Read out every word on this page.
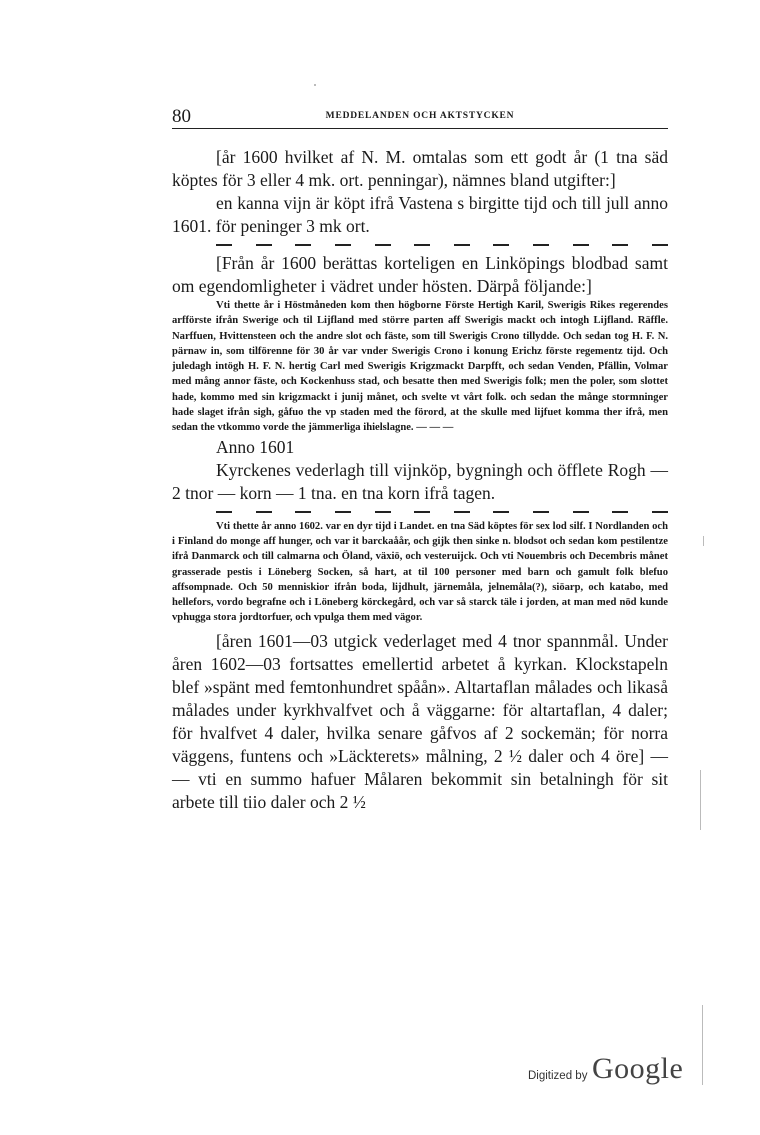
80	MEDDELANDEN OCH AKTSTYCKEN

[år 1600 hvilket af N. M. omtalas som ett godt år (1 tna säd köptes för 3 eller 4 mk. ort. penningar), nämnes bland utgifter:]

en kanna vijn är köpt ifrå Vastena s birgitte tijd och till jull anno 1601. för peninger 3 mk ort.

[Från år 1600 berättas korteligen en Linköpings blodbad samt om egendomligheter i vädret under hösten. Därpå följande:]

Vti thette år i Höstmåneden kom then högborne Förste Hertigh Karil, Swerigis Rikes regerendes arfförste ifrån Swerige och til Lijfland med större parten aff Swerigis mackt och intogh Lijfland. Räffle. Narffuen, Hvittensteen och the andre slot och fäste, som till Swerigis Crono tillydde. Och sedan tog H. F. N. pärnaw in, som tilförenne för 30 år var vnder Swerigis Crono i konung Erichz förste regementz tijd. Och juledagh intögh H. F. N. hertig Carl med Swerigis Krigzmackt Darpfft, och sedan Venden, Pfällin, Volmar med mång annor fäste, och Kockenhuss stad, och besatte then med Swerigis folk; men the poler, som slottet hade, kommo med sin krigzmackt i junij månet, och svelte vt vårt folk. och sedan the månge stormninger hade slaget ifrån sigh, gåfuo the vp staden med the förord, at the skulle med lijfuet komma ther ifrå, men sedan the vtkommo vorde the jämmerliga ihielslagne. — — —

Anno 1601

Kyrckenes vederlagh till vijnköp, bygningh och öfflete Rogh — 2 tnor — korn — 1 tna. en tna korn ifrå tagen.

Vti thette år anno 1602. var en dyr tijd i Landet. en tna Säd köptes för sex lod silf. I Nordlanden och i Finland do monge aff hunger, och var it barckaåår, och gijk then sinke n. blodsot och sedan kom pestilentze ifrå Danmarck och till calmarna och Öland, växiö, och vesteruijck. Och vti Nouembris och Decembris månet grasserade pestis i Löneberg Socken, så hart, at til 100 personer med barn och gamult folk blefuo affsompnade. Och 50 menniskior ifrån boda, lijdhult, järnemåla, jelnemåla(?), siöarp, och katabo, med hellefors, vordo begrafne och i Löneberg körckegård, och var så starck täle i jorden, at man med nöd kunde vphugga stora jordtorfuer, och vpulga them med vägor.

[åren 1601—03 utgick vederlaget med 4 tnor spannmål. Under åren 1602—03 fortsattes emellertid arbetet å kyrkan. Klockstapeln blef »spänt med femtonhundret spåån». Altartaflan målades och likaså målades under kyrkhvalfvet och å väggarne: för altartaflan, 4 daler; för hvalfvet 4 daler, hvilka senare gåfvos af 2 sockemän; för norra väggens, funtens och »Läckterets» målning, 2 ½ daler och 4 öre] — — vti en summo hafuer Målaren bekommit sin betalningh för sit arbete till tiio daler och 2 ½

Digitized by Google
